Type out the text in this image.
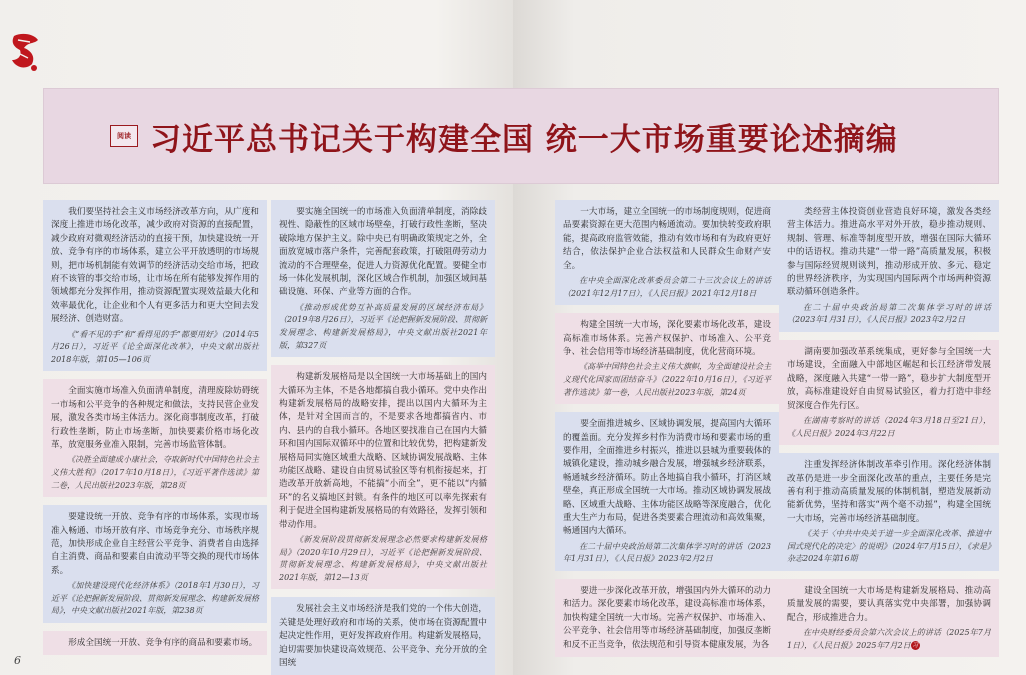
阅读 习近平总书记关于构建全国 统一大市场重要论述摘编

我们要坚持社会主义市场经济改革方向，从广度和深度上推进市场化改革，减少政府对资源的直接配置，减少政府对微观经济活动的直接干预，加快建设统一开放、竞争有序的市场体系，建立公平开放透明的市场规则，把市场机制能有效调节的经济活动交给市场，把政府不该管的事交给市场，让市场在所有能够发挥作用的领域都充分发挥作用，推动资源配置实现效益最大化和效率最优化，让企业和个人有更多活力和更大空间去发展经济、创造财富。

《“看不见的手”和“看得见的手”都要用好》（2014年5月26日），习近平《论全面深化改革》，中央文献出版社2018年版，第105—106页

全面实施市场准入负面清单制度，清理废除妨碍统一市场和公平竞争的各种规定和做法，支持民营企业发展，激发各类市场主体活力。深化商事制度改革，打破行政性垄断，防止市场垄断，加快要素价格市场化改革，放宽服务业准入限制，完善市场监管体制。

《决胜全面建成小康社会，夺取新时代中国特色社会主义伟大胜利》（2017年10月18日），《习近平著作选读》第二卷，人民出版社2023年版，第28页

要建设统一开放、竞争有序的市场体系，实现市场准入畅通、市场开放有序、市场竞争充分、市场秩序规范，加快形成企业自主经营公平竞争、消费者自由选择自主消费、商品和要素自由流动平等交换的现代市场体系。

《加快建设现代化经济体系》（2018年1月30日），习近平《论把握新发展阶段、贯彻新发展理念、构建新发展格局》，中央文献出版社2021年版，第238页

形成全国统一开放、竞争有序的商品和要素市场。

要实施全国统一的市场准入负面清单制度，消除歧视性、隐蔽性的区域市场壁垒，打破行政性垄断，坚决破除地方保护主义。除中央已有明确政策规定之外，全面放宽城市落户条件，完善配套政策，打破阻碍劳动力流动的不合理壁垒，促进人力资源优化配置。要健全市场一体化发展机制，深化区域合作机制，加强区域间基础设施、环保、产业等方面的合作。

《推动形成优势互补高质量发展的区域经济布局》（2019年8月26日），习近平《论把握新发展阶段、贯彻新发展理念、构建新发展格局》，中央文献出版社2021年版，第327页

构建新发展格局是以全国统一大市场基础上的国内大循环为主体，不是各地都搞自我小循环。党中央作出构建新发展格局的战略安排，提出以国内大循环为主体，是针对全国而言的，不是要求各地都搞省内、市内、县内的自我小循环。各地区要找准自己在国内大循环和国内国际双循环中的位置和比较优势，把构建新发展格局同实施区域重大战略、区域协调发展战略、主体功能区战略、建设自由贸易试验区等有机衔接起来，打造改革开放新高地，不能搞“小而全”，更不能以“内循环”的名义搞地区封锁。有条件的地区可以率先探索有利于促进全国构建新发展格局的有效路径，发挥引领和带动作用。

《新发展阶段贯彻新发展理念必然要求构建新发展格局》（2020年10月29日），习近平《论把握新发展阶段、贯彻新发展理念、构建新发展格局》，中央文献出版社2021年版，第12—13页

发展社会主义市场经济是我们党的一个伟大创造，关键是处理好政府和市场的关系，使市场在资源配置中起决定性作用，更好发挥政府作用。构建新发展格局，迫切需要加快建设高效规范、公平竞争、充分开放的全国统

一大市场，建立全国统一的市场制度规则，促进商品要素资源在更大范围内畅通流动。要加快转变政府职能，提高政府监管效能，推动有效市场和有为政府更好结合，依法保护企业合法权益和人民群众生命财产安全。

在中央全面深化改革委员会第二十三次会议上的讲话（2021年12月17日），《人民日报》2021年12月18日

构建全国统一大市场，深化要素市场化改革，建设高标准市场体系。完善产权保护、市场准入、公平竞争、社会信用等市场经济基础制度，优化营商环境。

《高举中国特色社会主义伟大旗帜，为全面建设社会主义现代化国家而团结奋斗》（2022年10月16日），《习近平著作选读》第一卷，人民出版社2023年版，第24页

要全面推进城乡、区域协调发展，提高国内大循环的覆盖面。充分发挥乡村作为消费市场和要素市场的重要作用，全面推进乡村振兴，推进以县城为重要载体的城镇化建设，推动城乡融合发展，增强城乡经济联系，畅通城乡经济循环。防止各地搞自我小循环，打消区域壁垒，真正形成全国统一大市场。推动区域协调发展战略、区域重大战略、主体功能区战略等深度融合，优化重大生产力布局，促进各类要素合理流动和高效集聚，畅通国内大循环。

在二十届中央政治局第二次集体学习时的讲话（2023年1月31日），《人民日报》2023年2月2日

要进一步深化改革开放，增强国内外大循环的动力和活力。深化要素市场化改革，建设高标准市场体系，加快构建全国统一大市场。完善产权保护、市场准入、公平竞争、社会信用等市场经济基础制度，加强反垄断和反不正当竞争，依法规范和引导资本健康发展，为各

类经营主体投资创业营造良好环境，激发各类经营主体活力。推进高水平对外开放，稳步推动规则、规制、管理、标准等制度型开放，增强在国际大循环中的话语权。推动共建“一带一路”高质量发展，积极参与国际经贸规则谈判，推动形成开放、多元、稳定的世界经济秩序，为实现国内国际两个市场两种资源联动循环创造条件。

在二十届中央政治局第二次集体学习时的讲话（2023年1月31日），《人民日报》2023年2月2日

湖南要加强改革系统集成，更好参与全国统一大市场建设，全面融入中部地区崛起和长江经济带发展战略，深度融入共建“一带一路”，稳步扩大制度型开放，高标准建设好自由贸易试验区，着力打造中非经贸深度合作先行区。

在湖南考察时的讲话（2024年3月18日至21日），《人民日报》2024年3月22日

注重发挥经济体制改革牵引作用。深化经济体制改革仍是进一步全面深化改革的重点，主要任务是完善有利于推动高质量发展的体制机制，塑造发展新动能新优势，坚持和落实“两个毫不动摇”，构建全国统一大市场，完善市场经济基础制度。

《关于〈中共中央关于进一步全面深化改革、推进中国式现代化的决定〉的说明》（2024年7月15日），《求是》杂志2024年第16期

建设全国统一大市场是构建新发展格局、推动高质量发展的需要，要认真落实党中央部署，加强协调配合，形成推进合力。

在中央财经委员会第六次会议上的讲话（2025年7月1日），《人民日报》2025年7月2日习

6
